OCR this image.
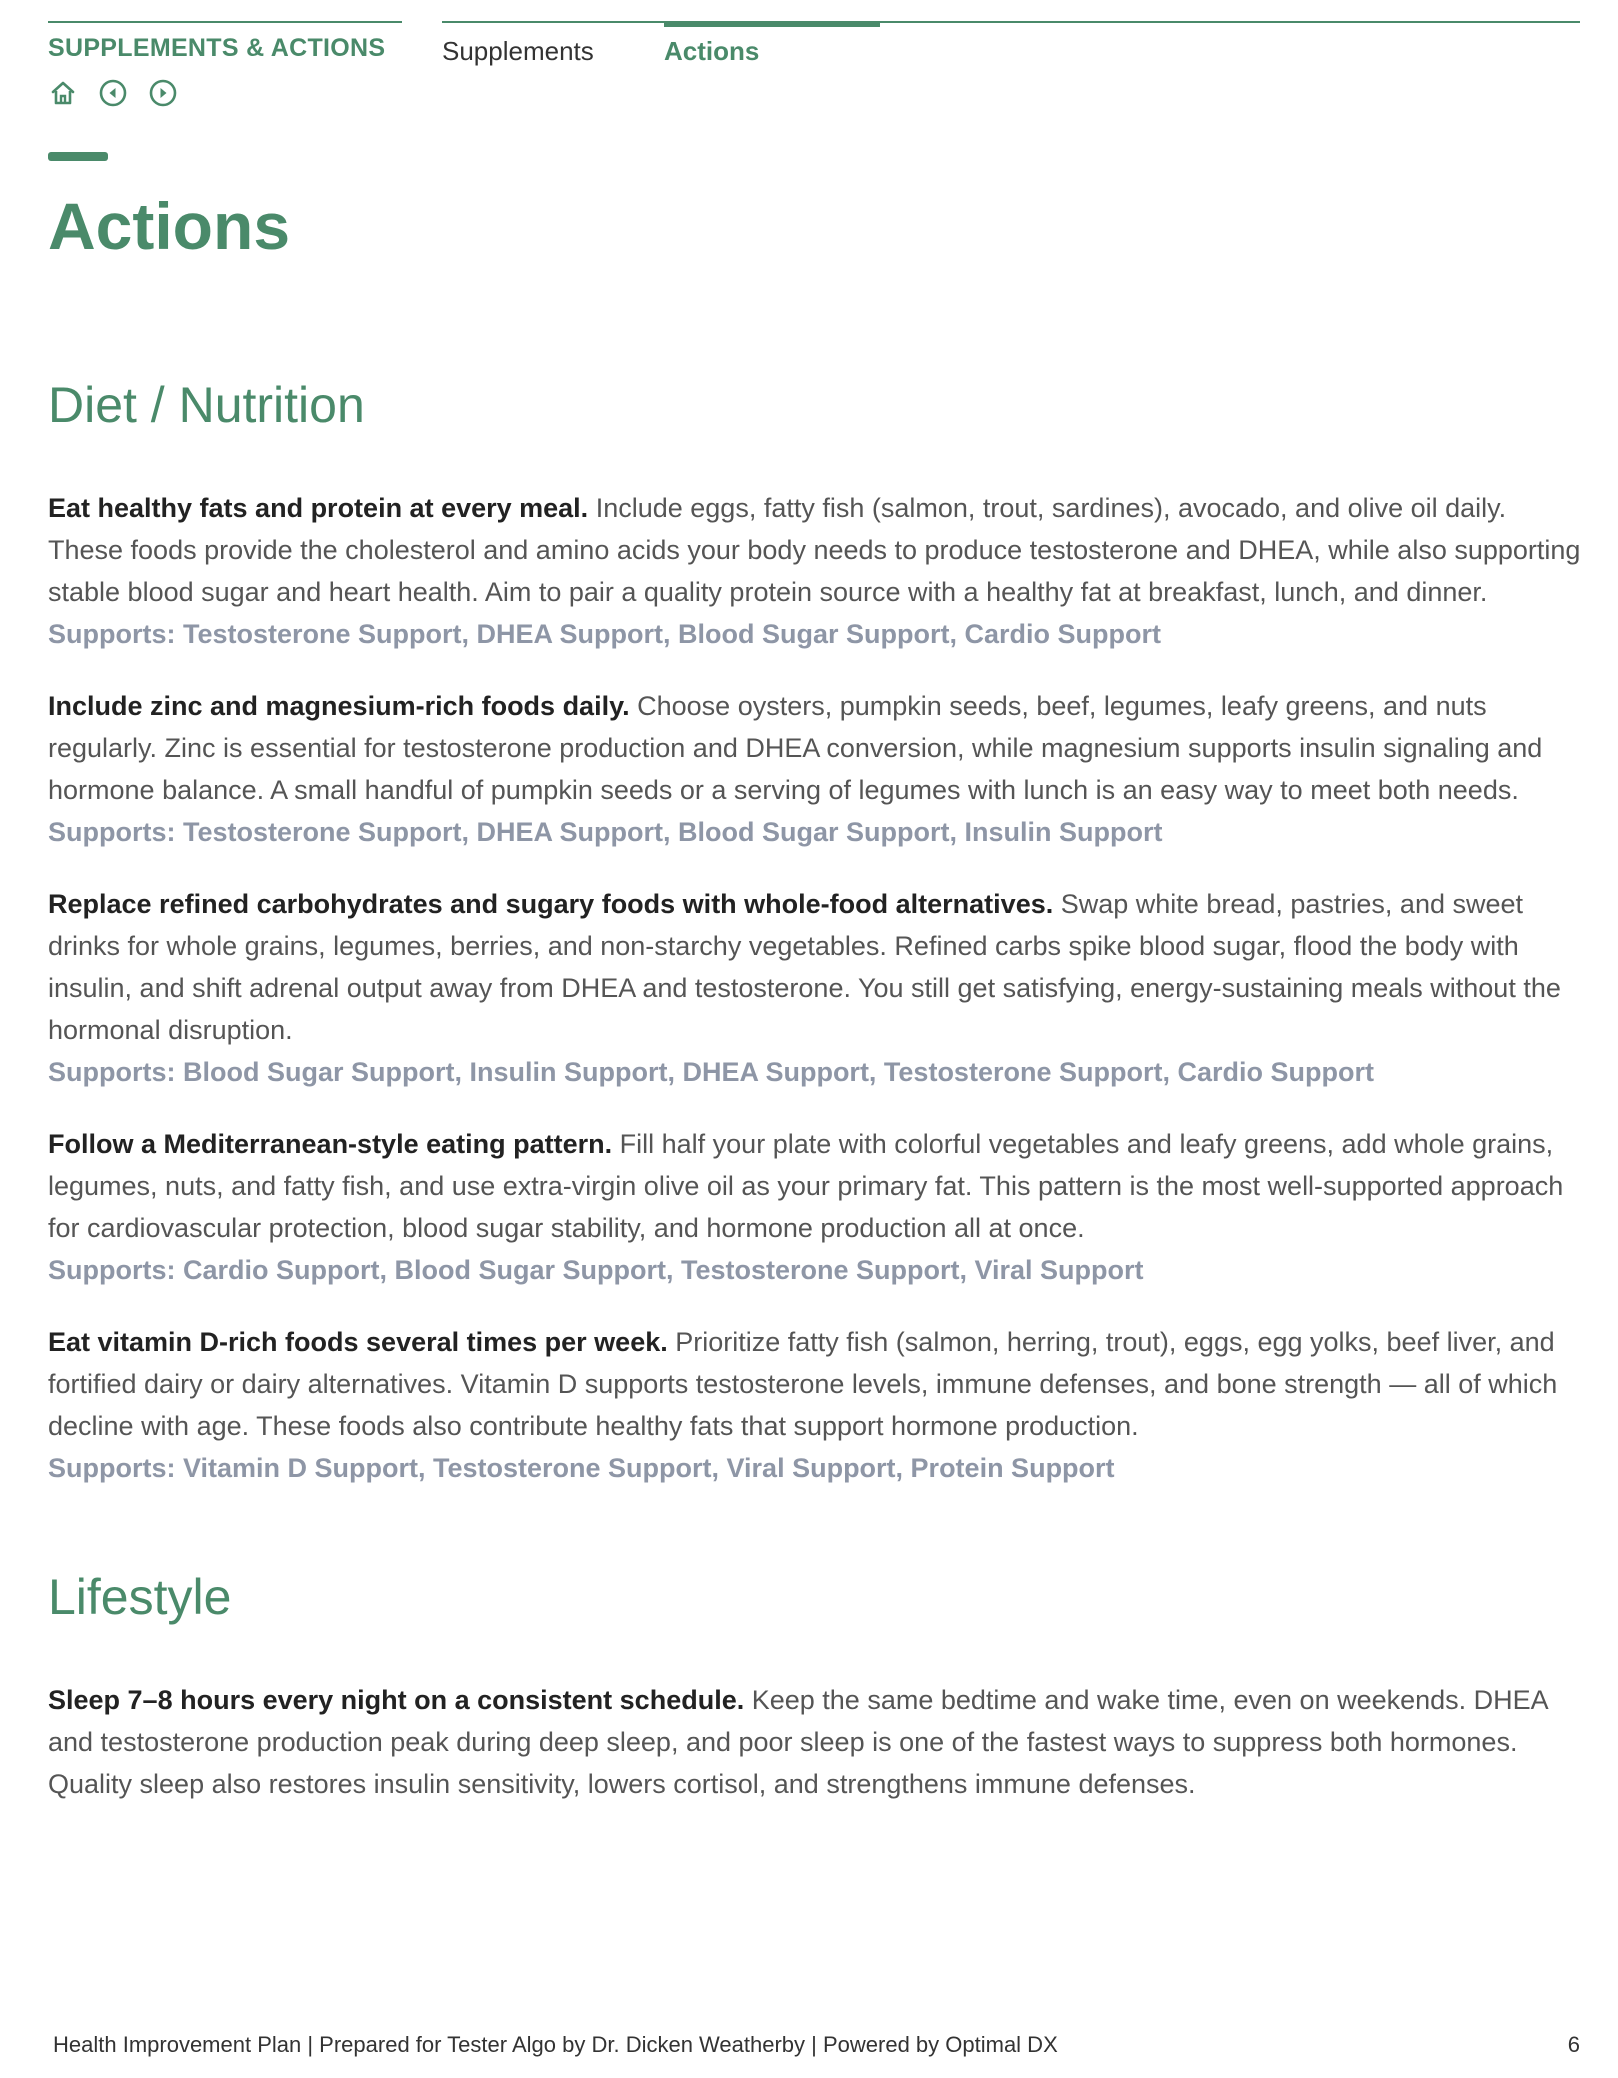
SUPPLEMENTS & ACTIONS Supplements	Actions
Actions
Diet / Nutrition

Eat healthy fats and protein at every meal. Include eggs, fatty fish (salmon, trout, sardines), avocado, and olive oil daily. These foods provide the cholesterol and amino acids your body needs to produce testosterone and DHEA, while also supporting stable blood sugar and heart health. Aim to pair a quality protein source with a healthy fat at breakfast, lunch, and dinner.

Supports: Testosterone Support, DHEA Support, Blood Sugar Support, Cardio Support

Include zinc and magnesium-rich foods daily. Choose oysters, pumpkin seeds, beef, legumes, leafy greens, and nuts regularly. Zinc is essential for testosterone production and DHEA conversion, while magnesium supports insulin signaling and hormone balance. A small handful of pumpkin seeds or a serving of legumes with lunch is an easy way to meet both needs.

Supports: Testosterone Support, DHEA Support, Blood Sugar Support, Insulin Support

Replace refined carbohydrates and sugary foods with whole-food alternatives. Swap white bread, pastries, and sweet drinks for whole grains, legumes, berries, and non-starchy vegetables. Refined carbs spike blood sugar, flood the body with insulin, and shift adrenal output away from DHEA and testosterone. You still get satisfying, energy-sustaining meals without the hormonal disruption.

Supports: Blood Sugar Support, Insulin Support, DHEA Support, Testosterone Support, Cardio Support

Follow a Mediterranean-style eating pattern. Fill half your plate with colorful vegetables and leafy greens, add whole grains, legumes, nuts, and fatty fish, and use extra-virgin olive oil as your primary fat. This pattern is the most well-supported approach for cardiovascular protection, blood sugar stability, and hormone production all at once.

Supports: Cardio Support, Blood Sugar Support, Testosterone Support, Viral Support

Eat vitamin D-rich foods several times per week. Prioritize fatty fish (salmon, herring, trout), eggs, egg yolks, beef liver, and fortified dairy or dairy alternatives. Vitamin D supports testosterone levels, immune defenses, and bone strength — all of which decline with age. These foods also contribute healthy fats that support hormone production.

Supports: Vitamin D Support, Testosterone Support, Viral Support, Protein Support
Lifestyle

Sleep 7–8 hours every night on a consistent schedule. Keep the same bedtime and wake time, even on weekends. DHEA and testosterone production peak during deep sleep, and poor sleep is one of the fastest ways to suppress both hormones. Quality sleep also restores insulin sensitivity, lowers cortisol, and strengthens immune defenses.

Health Improvement Plan | Prepared for Tester Algo by Dr. Dicken Weatherby | Powered by Optimal DX	6
